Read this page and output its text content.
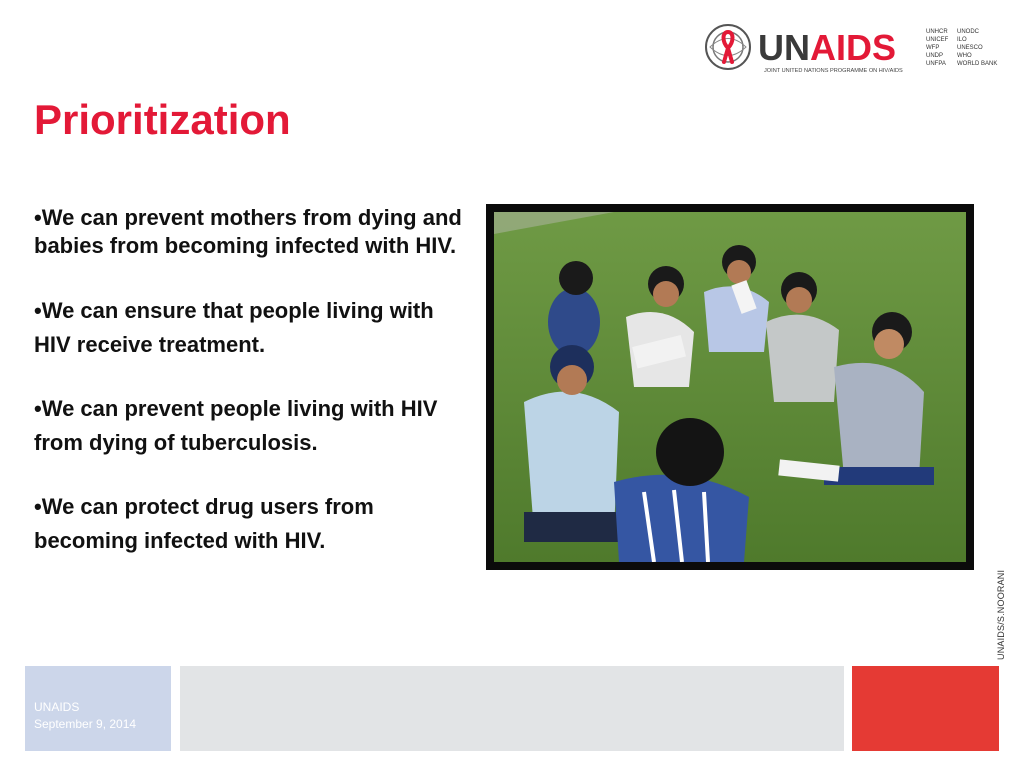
UNAIDS
JOINT UNITED NATIONS PROGRAMME ON HIV/AIDS
UNHCR
UNICEF
WFP
UNDP
UNFPA
UNODC
ILO
UNESCO
WHO
WORLD BANK
Prioritization

•We can prevent mothers from dying and babies from becoming infected with HIV.

•We can ensure that people living with HIV receive treatment.

•We can prevent people living with HIV from dying of tuberculosis.

•We can protect drug users from becoming infected with HIV.

UNAIDS/S.NOORANI
UNAIDS
September 9, 2014
